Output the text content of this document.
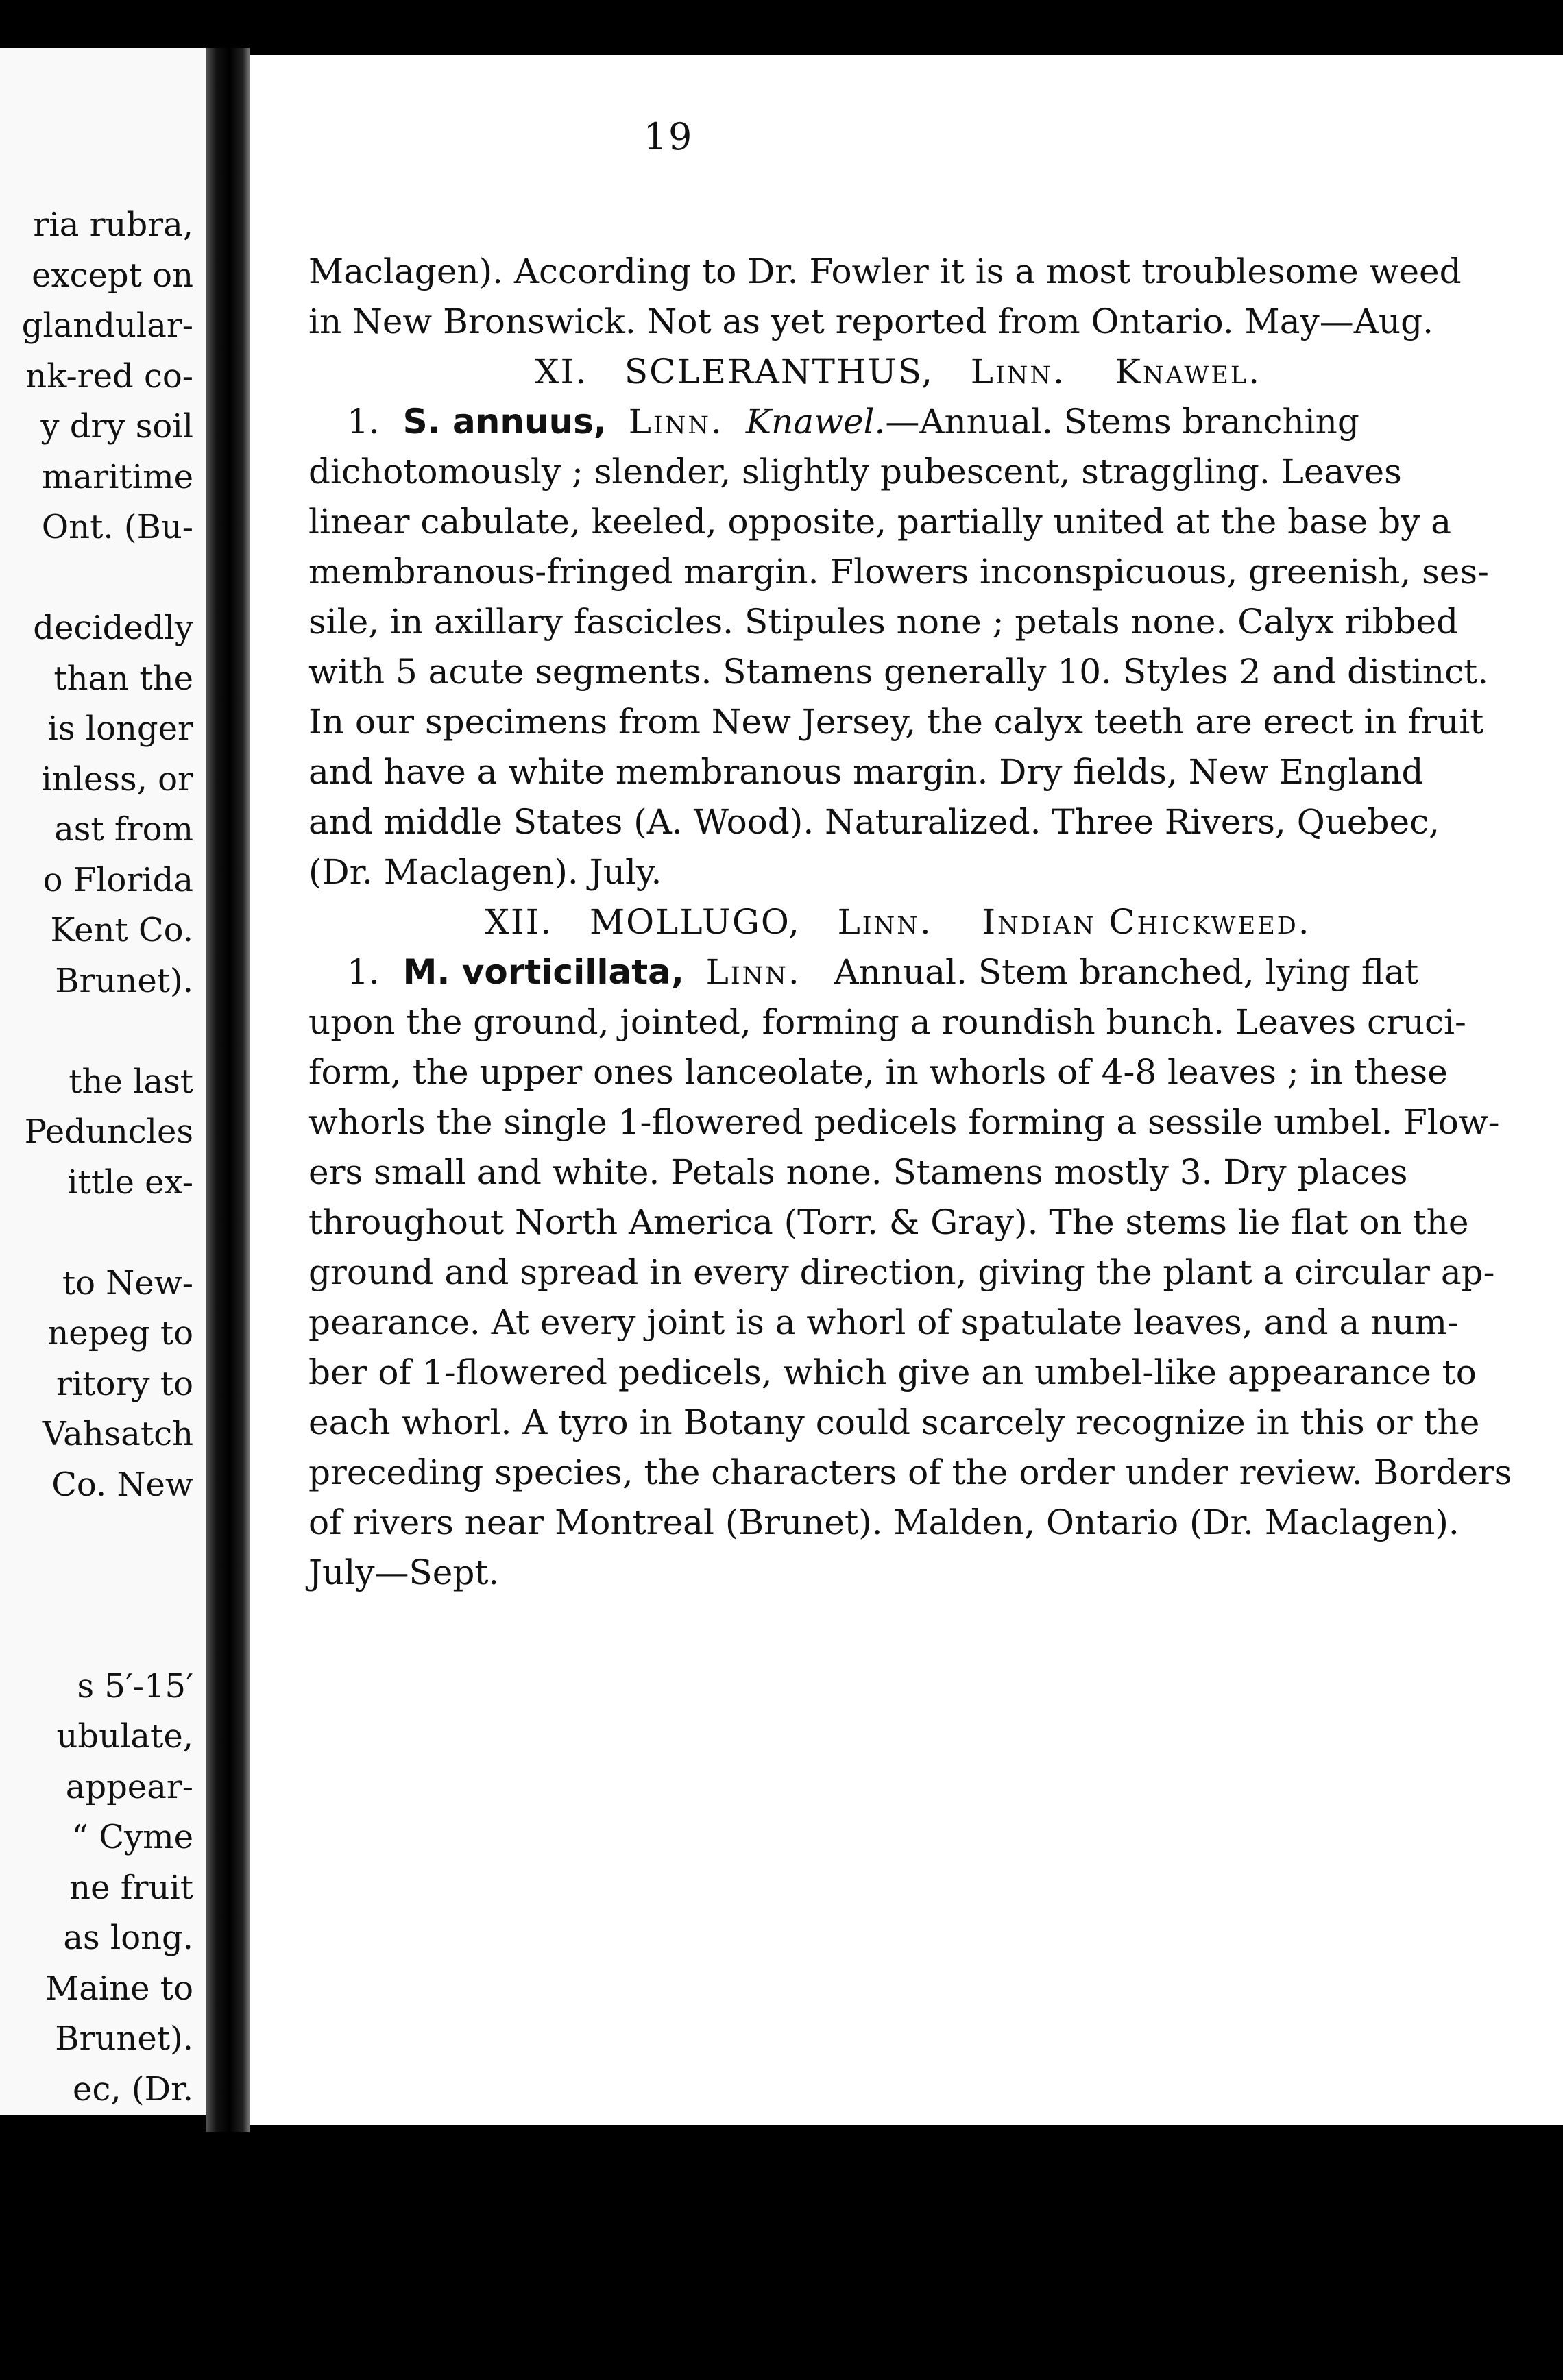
ria rubra,
except on
glandular-
nk-red co-
y dry soil
maritime
Ont. (Bu-
decidedly
than the
is longer
inless, or
ast from
o Florida
Kent Co.
Brunet).
the last
Peduncles
ittle ex-
to New-
nepeg to
ritory to
Vahsatch
Co. New
s 5′-15′
ubulate,
appear-
“ Cyme
ne fruit
as long.
Maine to
Brunet).
ec, (Dr.
19
Maclagen). According to Dr. Fowler it is a most troublesome weed
in New Bronswick. Not as yet reported from Ontario. May—Aug.
XI. SCLERANTHUS, Linn. Knawel.
1. S. annuus, Linn. Knawel.—Annual. Stems branching
dichotomously ; slender, slightly pubescent, straggling. Leaves
linear cabulate, keeled, opposite, partially united at the base by a
membranous-fringed margin. Flowers inconspicuous, greenish, ses-
sile, in axillary fascicles. Stipules none ; petals none. Calyx ribbed
with 5 acute segments. Stamens generally 10. Styles 2 and distinct.
In our specimens from New Jersey, the calyx teeth are erect in fruit
and have a white membranous margin. Dry fields, New England
and middle States (A. Wood). Naturalized. Three Rivers, Quebec,
(Dr. Maclagen). July.
XII. MOLLUGO, Linn. Indian Chickweed.
1. M. vorticillata, Linn. Annual. Stem branched, lying flat
upon the ground, jointed, forming a roundish bunch. Leaves cruci-
form, the upper ones lanceolate, in whorls of 4-8 leaves ; in these
whorls the single 1-flowered pedicels forming a sessile umbel. Flow-
ers small and white. Petals none. Stamens mostly 3. Dry places
throughout North America (Torr. & Gray). The stems lie flat on the
ground and spread in every direction, giving the plant a circular ap-
pearance. At every joint is a whorl of spatulate leaves, and a num-
ber of 1-flowered pedicels, which give an umbel-like appearance to
each whorl. A tyro in Botany could scarcely recognize in this or the
preceding species, the characters of the order under review. Borders
of rivers near Montreal (Brunet). Malden, Ontario (Dr. Maclagen).
July—Sept.
